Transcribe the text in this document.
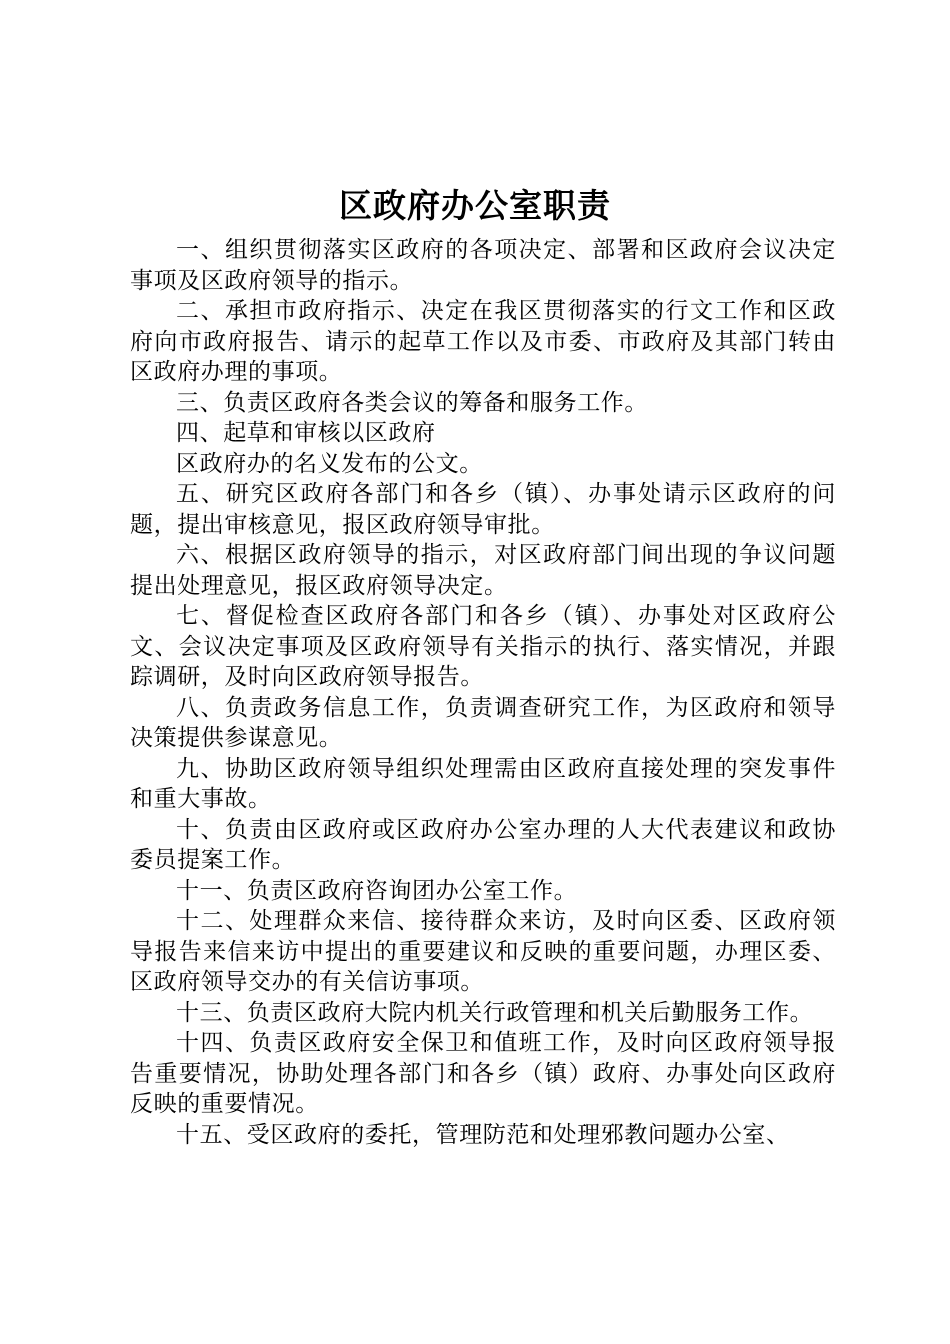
区政府办公室职责

一、组织贯彻落实区政府的各项决定、部署和区政府会议决定事项及区政府领导的指示。

二、承担市政府指示、决定在我区贯彻落实的行文工作和区政府向市政府报告、请示的起草工作以及市委、市政府及其部门转由区政府办理的事项。

三、负责区政府各类会议的筹备和服务工作。

四、起草和审核以区政府

区政府办的名义发布的公文。

五、研究区政府各部门和各乡（镇）、办事处请示区政府的问题，提出审核意见，报区政府领导审批。

六、根据区政府领导的指示，对区政府部门间出现的争议问题提出处理意见，报区政府领导决定。

七、督促检查区政府各部门和各乡（镇）、办事处对区政府公文、会议决定事项及区政府领导有关指示的执行、落实情况，并跟踪调研，及时向区政府领导报告。

八、负责政务信息工作，负责调查研究工作，为区政府和领导决策提供参谋意见。

九、协助区政府领导组织处理需由区政府直接处理的突发事件和重大事故。

十、负责由区政府或区政府办公室办理的人大代表建议和政协委员提案工作。

十一、负责区政府咨询团办公室工作。

十二、处理群众来信、接待群众来访，及时向区委、区政府领导报告来信来访中提出的重要建议和反映的重要问题，办理区委、区政府领导交办的有关信访事项。

十三、负责区政府大院内机关行政管理和机关后勤服务工作。

十四、负责区政府安全保卫和值班工作，及时向区政府领导报告重要情况，协助处理各部门和各乡（镇）政府、办事处向区政府反映的重要情况。

十五、受区政府的委托，管理防范和处理邪教问题办公室、
